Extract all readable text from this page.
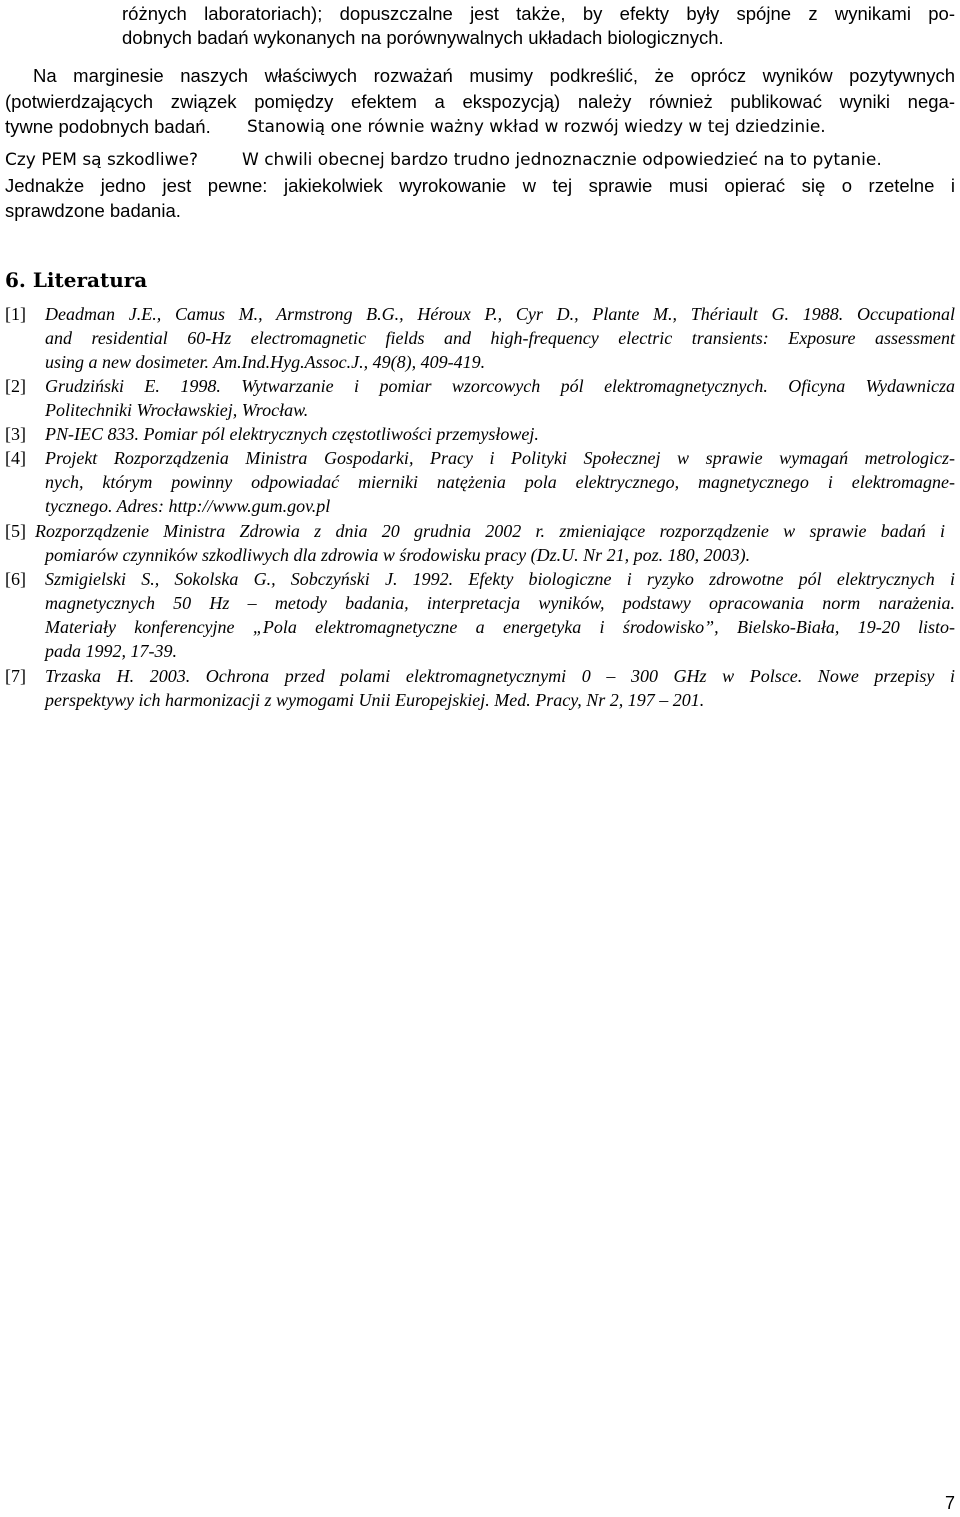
różnych laboratoriach); dopuszczalne jest także, by efekty były spójne z wynikami po-
dobnych badań wykonanych na porównywalnych układach biologicznych.
Na marginesie naszych właściwych rozważań musimy podkreślić, że oprócz wyników pozytywnych
(potwierdzających związek pomiędzy efektem a ekspozycją) należy również publikować wyniki nega-
tywne podobnych badań. Stanowią one równie ważny wkład w rozwój wiedzy w tej dziedzinie.
Czy PEM są szkodliwe?	W chwili obecnej bardzo trudno jednoznacznie odpowiedzieć na to pytanie.
Jednakże jedno jest pewne: jakiekolwiek wyrokowanie w tej sprawie musi opierać się o rzetelne i
sprawdzone badania.
6. Literatura
[1] Deadman J.E., Camus M., Armstrong B.G., Héroux P., Cyr D., Plante M., Thériault G. 1988. Occupational
and residential 60-Hz electromagnetic fields and high-frequency electric transients: Exposure assessment
using a new dosimeter. Am.Ind.Hyg.Assoc.J., 49(8), 409-419.
[2] Grudziński E. 1998. Wytwarzanie i pomiar wzorcowych pól elektromagnetycznych. Oficyna Wydawnicza
Politechniki Wrocławskiej, Wrocław.
[3] PN-IEC 833. Pomiar pól elektrycznych częstotliwości przemysłowej.
[4] Projekt Rozporządzenia Ministra Gospodarki, Pracy i Polityki Społecznej w sprawie wymagań metrologicz-
nych, którym powinny odpowiadać mierniki natężenia pola elektrycznego, magnetycznego i elektromagne-
tycznego. Adres: http://www.gum.gov.pl
[5] Rozporządzenie Ministra Zdrowia z dnia 20 grudnia 2002 r. zmieniające rozporządzenie w sprawie badań i
pomiarów czynników szkodliwych dla zdrowia w środowisku pracy (Dz.U. Nr 21, poz. 180, 2003).
[6] Szmigielski S., Sokolska G., Sobczyński J. 1992. Efekty biologiczne i ryzyko zdrowotne pól elektrycznych i
magnetycznych 50 Hz – metody badania, interpretacja wyników, podstawy opracowania norm narażenia.
Materiały konferencyjne „Pola elektromagnetyczne a energetyka i środowisko”, Bielsko-Biała, 19-20 listo-
pada 1992, 17-39.
[7] Trzaska H. 2003. Ochrona przed polami elektromagnetycznymi 0 – 300 GHz w Polsce. Nowe przepisy i
perspektywy ich harmonizacji z wymogami Unii Europejskiej. Med. Pracy, Nr 2, 197 – 201.
7
